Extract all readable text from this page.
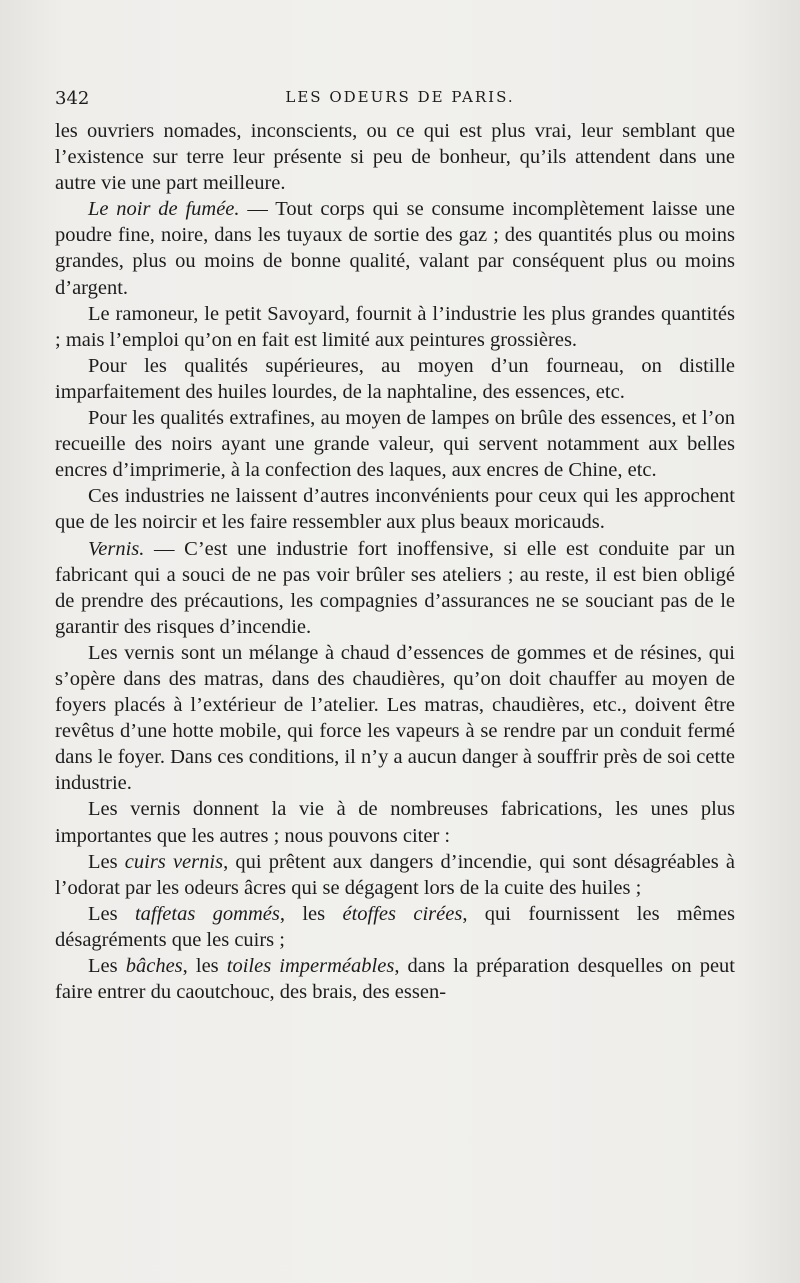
342	LES ODEURS DE PARIS.

les ouvriers nomades, inconscients, ou ce qui est plus vrai, leur semblant que l’existence sur terre leur présente si peu de bonheur, qu’ils attendent dans une autre vie une part meilleure.

Le noir de fumée. — Tout corps qui se consume incomplètement laisse une poudre fine, noire, dans les tuyaux de sortie des gaz ; des quantités plus ou moins grandes, plus ou moins de bonne qualité, valant par conséquent plus ou moins d’argent.

Le ramoneur, le petit Savoyard, fournit à l’industrie les plus grandes quantités ; mais l’emploi qu’on en fait est limité aux peintures grossières.

Pour les qualités supérieures, au moyen d’un fourneau, on distille imparfaitement des huiles lourdes, de la naphtaline, des essences, etc.

Pour les qualités extrafines, au moyen de lampes on brûle des essences, et l’on recueille des noirs ayant une grande valeur, qui servent notamment aux belles encres d’imprimerie, à la confection des laques, aux encres de Chine, etc.

Ces industries ne laissent d’autres inconvénients pour ceux qui les approchent que de les noircir et les faire ressembler aux plus beaux moricauds.

Vernis. — C’est une industrie fort inoffensive, si elle est conduite par un fabricant qui a souci de ne pas voir brûler ses ateliers ; au reste, il est bien obligé de prendre des précautions, les compagnies d’assurances ne se souciant pas de le garantir des risques d’incendie.

Les vernis sont un mélange à chaud d’essences de gommes et de résines, qui s’opère dans des matras, dans des chaudières, qu’on doit chauffer au moyen de foyers placés à l’extérieur de l’atelier. Les matras, chaudières, etc., doivent être revêtus d’une hotte mobile, qui force les vapeurs à se rendre par un conduit fermé dans le foyer. Dans ces conditions, il n’y a aucun danger à souffrir près de soi cette industrie.

Les vernis donnent la vie à de nombreuses fabrications, les unes plus importantes que les autres ; nous pouvons citer :

Les cuirs vernis, qui prêtent aux dangers d’incendie, qui sont désagréables à l’odorat par les odeurs âcres qui se dégagent lors de la cuite des huiles ;

Les taffetas gommés, les étoffes cirées, qui fournissent les mêmes désagréments que les cuirs ;

Les bâches, les toiles imperméables, dans la préparation desquelles on peut faire entrer du caoutchouc, des brais, des essen-
